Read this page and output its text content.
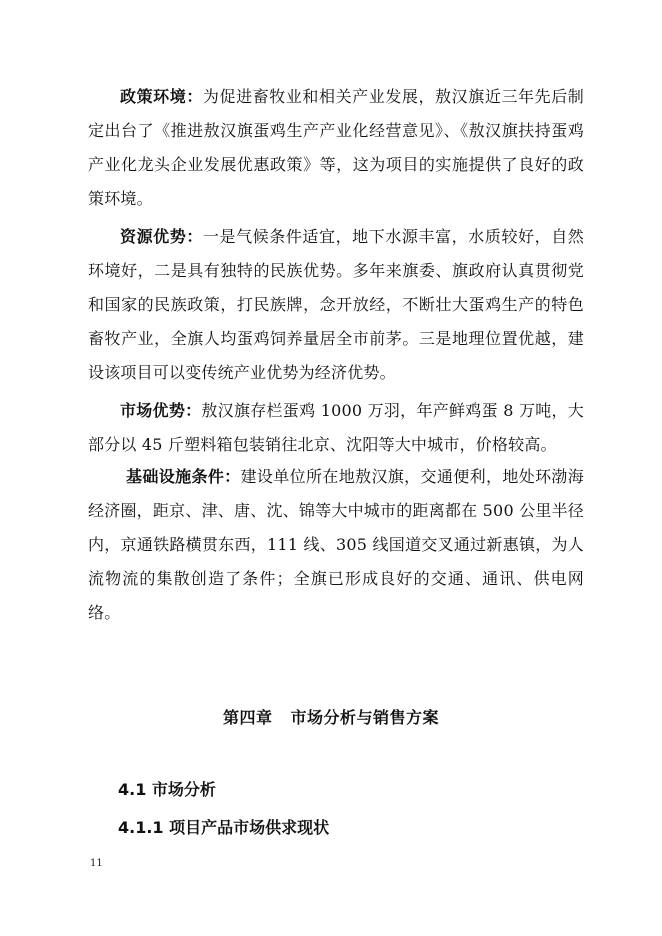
政策环境：为促进畜牧业和相关产业发展，敖汉旗近三年先后制定出台了《推进敖汉旗蛋鸡生产产业化经营意见》、《敖汉旗扶持蛋鸡产业化龙头企业发展优惠政策》等，这为项目的实施提供了良好的政策环境。

资源优势：一是气候条件适宜，地下水源丰富，水质较好，自然环境好，二是具有独特的民族优势。多年来旗委、旗政府认真贯彻党和国家的民族政策，打民族牌，念开放经，不断壮大蛋鸡生产的特色畜牧产业，全旗人均蛋鸡饲养量居全市前茅。三是地理位置优越，建设该项目可以变传统产业优势为经济优势。

市场优势：敖汉旗存栏蛋鸡 1000 万羽，年产鲜鸡蛋 8 万吨，大部分以 45 斤塑料箱包装销往北京、沈阳等大中城市，价格较高。

基础设施条件：建设单位所在地敖汉旗，交通便利，地处环渤海经济圈，距京、津、唐、沈、锦等大中城市的距离都在 500 公里半径内，京通铁路横贯东西，111 线、305 线国道交叉通过新惠镇，为人流物流的集散创造了条件；全旗已形成良好的交通、通讯、供电网络。

第四章 市场分析与销售方案
4.1 市场分析
4.1.1 项目产品市场供求现状
11
